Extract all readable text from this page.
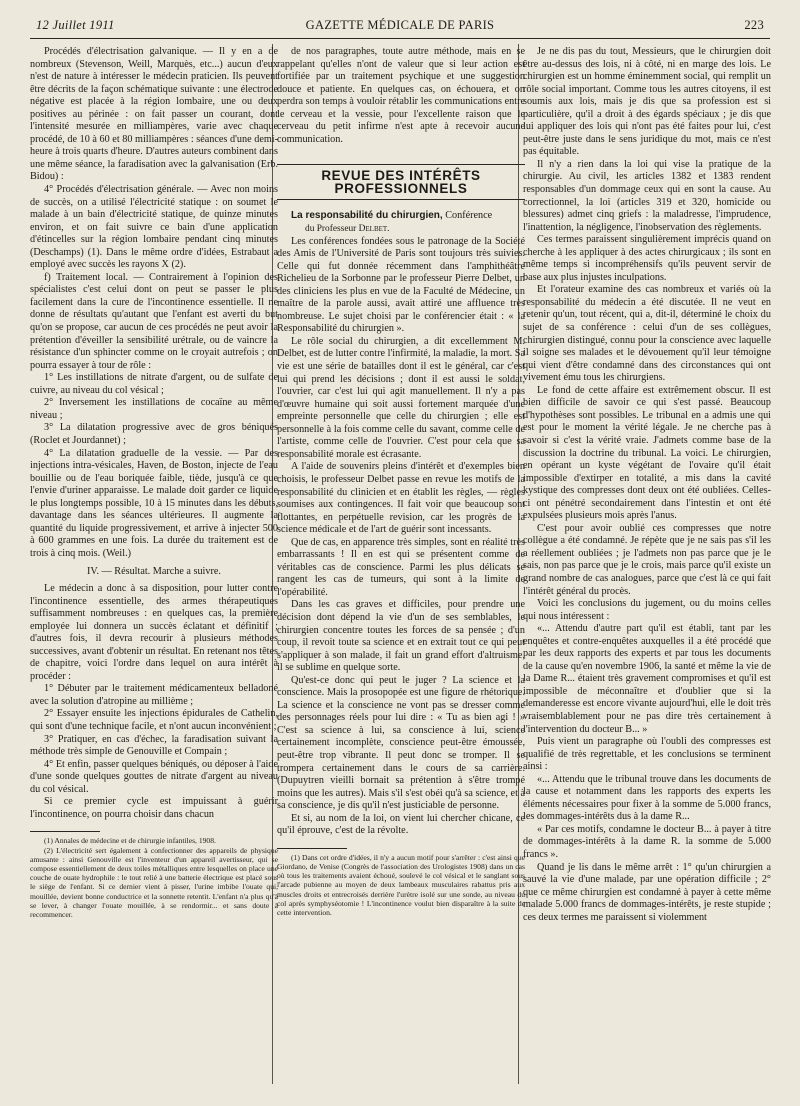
12 Juillet 1911	GAZETTE MÉDICALE DE PARIS	223

Procédés d'électrisation galvanique. — Il y en a de nombreux (Stevenson, Weill, Marquès, etc...) aucun d'eux n'est de nature à intéresser le médecin praticien. Ils peuvent être décrits de la façon schématique suivante : une électrode négative est placée à la région lombaire, une ou deux positives au périnée : on fait passer un courant, dont l'intensité mesurée en milliampères, varie avec chaque procédé, de 10 à 60 et 80 milliampères : séances d'une demi-heure à trois quarts d'heure. D'autres auteurs combinent dans une même séance, la faradisation avec la galvanisation (Erb. Bidou) :

4° Procédés d'électrisation générale. — Avec non moins de succès, on a utilisé l'électricité statique : on soumet le malade à un bain d'électricité statique, de quinze minutes environ, et on fait suivre ce bain d'une application d'étincelles sur la région lombaire pendant cinq minutes (Deschamps) (1). Dans le même ordre d'idées, Estrabaut a employé avec succès les rayons X (2).

f) Traitement local. — Contrairement à l'opinion des spécialistes c'est celui dont on peut se passer le plus facilement dans la cure de l'incontinence essentielle. Il ne donne de résultats qu'autant que l'enfant est averti du but qu'on se propose, car aucun de ces procédés ne peut avoir la prétention d'éveiller la sensibilité urétrale, ou de vaincre la résistance d'un sphincter comme on le croyait autrefois ; on pourra essayer à tour de rôle :

1° Les instillations de nitrate d'argent, ou de sulfate de cuivre, au niveau du col vésical ;

2° Inversement les instillations de cocaïne au même niveau ;

3° La dilatation progressive avec de gros béniqués (Roclet et Jourdannet) ;

4° La dilatation graduelle de la vessie. — Par des injections intra-vésicales, Haven, de Boston, injecte de l'eau bouillie ou de l'eau boriquée faible, tiède, jusqu'à ce que l'envie d'uriner apparaisse. Le malade doit garder ce liquide le plus longtemps possible, 10 à 15 minutes dans les débuts, davantage dans les séances ultérieures. Il augmente la quantité du liquide progressivement, et arrive à injecter 500 à 600 grammes en une fois. La durée du traitement est de trois à cinq mois. (Weil.)

IV. — Résultat. Marche a suivre.

Le médecin a donc à sa disposition, pour lutter contre l'incontinence essentielle, des armes thérapeutiques suffisamment nombreuses : en quelques cas, la première employée lui donnera un succès éclatant et définitif ; d'autres fois, il devra recourir à plusieurs méthodes successives, avant d'obtenir un résultat. En retenant nos têtes de chapitre, voici l'ordre dans lequel on aura intérêt à procéder :

1° Débuter par le traitement médicamenteux belladoné avec la solution d'atropine au millième ;

2° Essayer ensuite les injections épidurales de Cathelin, qui sont d'une technique facile, et n'ont aucun inconvénient ;

3° Pratiquer, en cas d'échec, la faradisation suivant la méthode très simple de Genouville et Compain ;

4° Et enfin, passer quelques béniqués, ou déposer à l'aide d'une sonde quelques gouttes de nitrate d'argent au niveau du col vésical.

Si ce premier cycle est impuissant à guérir l'incontinence, on pourra choisir dans chacun

(1) Annales de médecine et de chirurgie infantiles, 1908.

(2) L'électricité sert également à confectionner des appareils de physique amusante : ainsi Genouville est l'inventeur d'un appareil avertisseur, qui se compose essentiellement de deux toiles métalliques entre lesquelles on place une couche de ouate hydrophile : le tout relié à une batterie électrique est placé sous le siège de l'enfant. Si ce dernier vient à pisser, l'urine imbibe l'ouate qui, mouillée, devient bonne conductrice et la sonnette retentit. L'enfant n'a plus qu'à se lever, à changer l'ouate mouillée, à se rendormir... et sans doute à recommencer.

de nos paragraphes, toute autre méthode, mais en se rappelant qu'elles n'ont de valeur que si leur action est fortifiée par un traitement psychique et une suggestion douce et patiente. En quelques cas, on échouera, et on perdra son temps à vouloir rétablir les communications entre le cerveau et la vessie, pour l'excellente raison que le cerveau du petit infirme n'est apte à recevoir aucune communication.

REVUE DES INTÉRÊTS PROFESSIONNELS

La responsabilité du chirurgien, Conférence
du Professeur Delbet.

Les conférences fondées sous le patronage de la Société des Amis de l'Université de Paris sont toujours très suivies. Celle qui fut donnée récemment dans l'amphithéâtre Richelieu de la Sorbonne par le professeur Pierre Delbet, un des cliniciens les plus en vue de la Faculté de Médecine, un maître de la parole aussi, avait attiré une affluence très nombreuse. Le sujet choisi par le conférencier était : « la Responsabilité du chirurgien ».

Le rôle social du chirurgien, a dit excellemment M. Delbet, est de lutter contre l'infirmité, la maladie, la mort. Sa vie est une série de batailles dont il est le général, car c'est lui qui prend les décisions ; dont il est aussi le soldat, l'ouvrier, car c'est lui qui agit manuellement. Il n'y a pas d'œuvre humaine qui soit aussi fortement marquée d'une empreinte personnelle que celle du chirurgien ; elle est personnelle à la fois comme celle du savant, comme celle de l'artiste, comme celle de l'ouvrier. C'est pour cela que sa responsabilité morale est écrasante.

A l'aide de souvenirs pleins d'intérêt et d'exemples bien choisis, le professeur Delbet passe en revue les motifs de la responsabilité du clinicien et en établit les règles, — règles soumises aux contingences. Il fait voir que beaucoup sont flottantes, en perpétuelle revision, car les progrès de la science médicale et de l'art de guérir sont incessants.

Que de cas, en apparence très simples, sont en réalité très embarrassants ! Il en est qui se présentent comme de véritables cas de conscience. Parmi les plus délicats se rangent les cas de tumeurs, qui sont à la limite de l'opérabilité.

Dans les cas graves et difficiles, pour prendre une décision dont dépend la vie d'un de ses semblables, le chirurgien concentre toutes les forces de sa pensée ; d'un coup, il revoit toute sa science et en extrait tout ce qui peut s'appliquer à son malade, il fait un grand effort d'altruisme, il se sublime en quelque sorte.

Qu'est-ce donc qui peut le juger ? La science et la conscience. Mais la prosopopée est une figure de rhétorique. La science et la conscience ne vont pas se dresser comme des personnages réels pour lui dire : « Tu as bien agi ! » C'est sa science à lui, sa conscience à lui, science certainement incomplète, conscience peut-être émoussée, peut-être trop vibrante. Il peut donc se tromper. Il se trompera certainement dans le cours de sa carrière. (Dupuytren vieilli bornait sa prétention à s'être trompé moins que les autres). Mais s'il s'est obéi qu'à sa science, et à sa conscience, je dis qu'il n'est justiciable de personne.

Et si, au nom de la loi, on vient lui chercher chicane, ce qu'il éprouve, c'est de la révolte.

(1) Dans cet ordre d'idées, il n'y a aucun motif pour s'arrêter : c'est ainsi que Giordano, de Venise (Congrès de l'association des Urologistes 1908) dans un cas où tous les traitements avaient échoué, soulevé le col vésical et le sanglant sous l'arcade pubienne au moyen de deux lambeaux musculaires rabattus pris aux muscles droits et entrecroisés derrière l'urètre isolé sur une sonde, au niveau du col après symphyséotomie ! L'incontinence voulut bien disparaître à la suite de cette intervention.

Je ne dis pas du tout, Messieurs, que le chirurgien doit être au-dessus des lois, ni à côté, ni en marge des lois. Le chirurgien est un homme éminemment social, qui remplit un rôle social important. Comme tous les autres citoyens, il est soumis aux lois, mais je dis que sa profession est si particulière, qu'il a droit à des égards spéciaux ; je dis que lui appliquer des lois qui n'ont pas été faites pour lui, c'est peut-être juste dans le sens juridique du mot, mais ce n'est pas équitable.

Il n'y a rien dans la loi qui vise la pratique de la chirurgie. Au civil, les articles 1382 et 1383 rendent responsables d'un dommage ceux qui en sont la cause. Au correctionnel, la loi (articles 319 et 320, homicide ou blessures) admet cinq griefs : la maladresse, l'imprudence, l'inattention, la négligence, l'inobservation des règlements.

Ces termes paraissent singulièrement imprécis quand on cherche à les appliquer à des actes chirurgicaux ; ils sont en même temps si incompréhensifs qu'ils peuvent servir de base aux plus injustes inculpations.

Et l'orateur examine des cas nombreux et variés où la responsabilité du médecin a été discutée. Il ne veut en retenir qu'un, tout récent, qui a, dit-il, déterminé le choix du sujet de sa conférence : celui d'un de ses collègues, chirurgien distingué, connu pour la conscience avec laquelle il soigne ses malades et le dévouement qu'il leur témoigne qui vient d'être condamné dans des circonstances qui ont vivement ému tous les chirurgiens.

Le fond de cette affaire est extrêmement obscur. Il est bien difficile de savoir ce qui s'est passé. Beaucoup d'hypothèses sont possibles. Le tribunal en a admis une qui est pour le moment la vérité légale. Je ne cherche pas à savoir si c'est la vérité vraie. J'admets comme base de la discussion la doctrine du tribunal. La voici. Le chirurgien, en opérant un kyste végétant de l'ovaire qu'il était impossible d'extirper en totalité, a mis dans la cavité kystique des compresses dont deux ont été oubliées. Celles-ci ont pénétré secondairement dans l'intestin et ont été expulsées plusieurs mois après l'anus.

C'est pour avoir oublié ces compresses que notre collègue a été condamné. Je répète que je ne sais pas s'il les a réellement oubliées ; je l'admets non pas parce que je le sais, non pas parce que je le crois, mais parce qu'il existe un grand nombre de cas analogues, parce que c'est là ce qui fait l'intérêt général du procès.

Voici les conclusions du jugement, ou du moins celles qui nous intéressent :

«... Attendu d'autre part qu'il est établi, tant par les enquêtes et contre-enquêtes auxquelles il a été procédé que par les deux rapports des experts et par tous les documents de la cause qu'en novembre 1906, la santé et même la vie de la Dame R... étaient très gravement compromises et qu'il est impossible de méconnaître et d'oublier que si la demanderesse est encore vivante aujourd'hui, elle le doit très vraisemblablement pour ne pas dire très certainement à l'intervention du docteur B... »

Puis vient un paragraphe où l'oubli des compresses est qualifié de très regrettable, et les conclusions se terminent ainsi :

«... Attendu que le tribunal trouve dans les documents de la cause et notamment dans les rapports des experts les éléments nécessaires pour fixer à la somme de 5.000 francs, les dommages-intérêts dus à la dame R...

« Par ces motifs, condamne le docteur B... à payer à titre de dommages-intérêts à la dame R. la somme de 5.000 francs ».

Quand je lis dans le même arrêt : 1° qu'un chirurgien a sauvé la vie d'une malade, par une opération difficile ; 2° que ce même chirurgien est condamné à payer à cette même malade 5.000 francs de dommages-intérêts, je reste stupide ; ces deux termes me paraissent si violemment
